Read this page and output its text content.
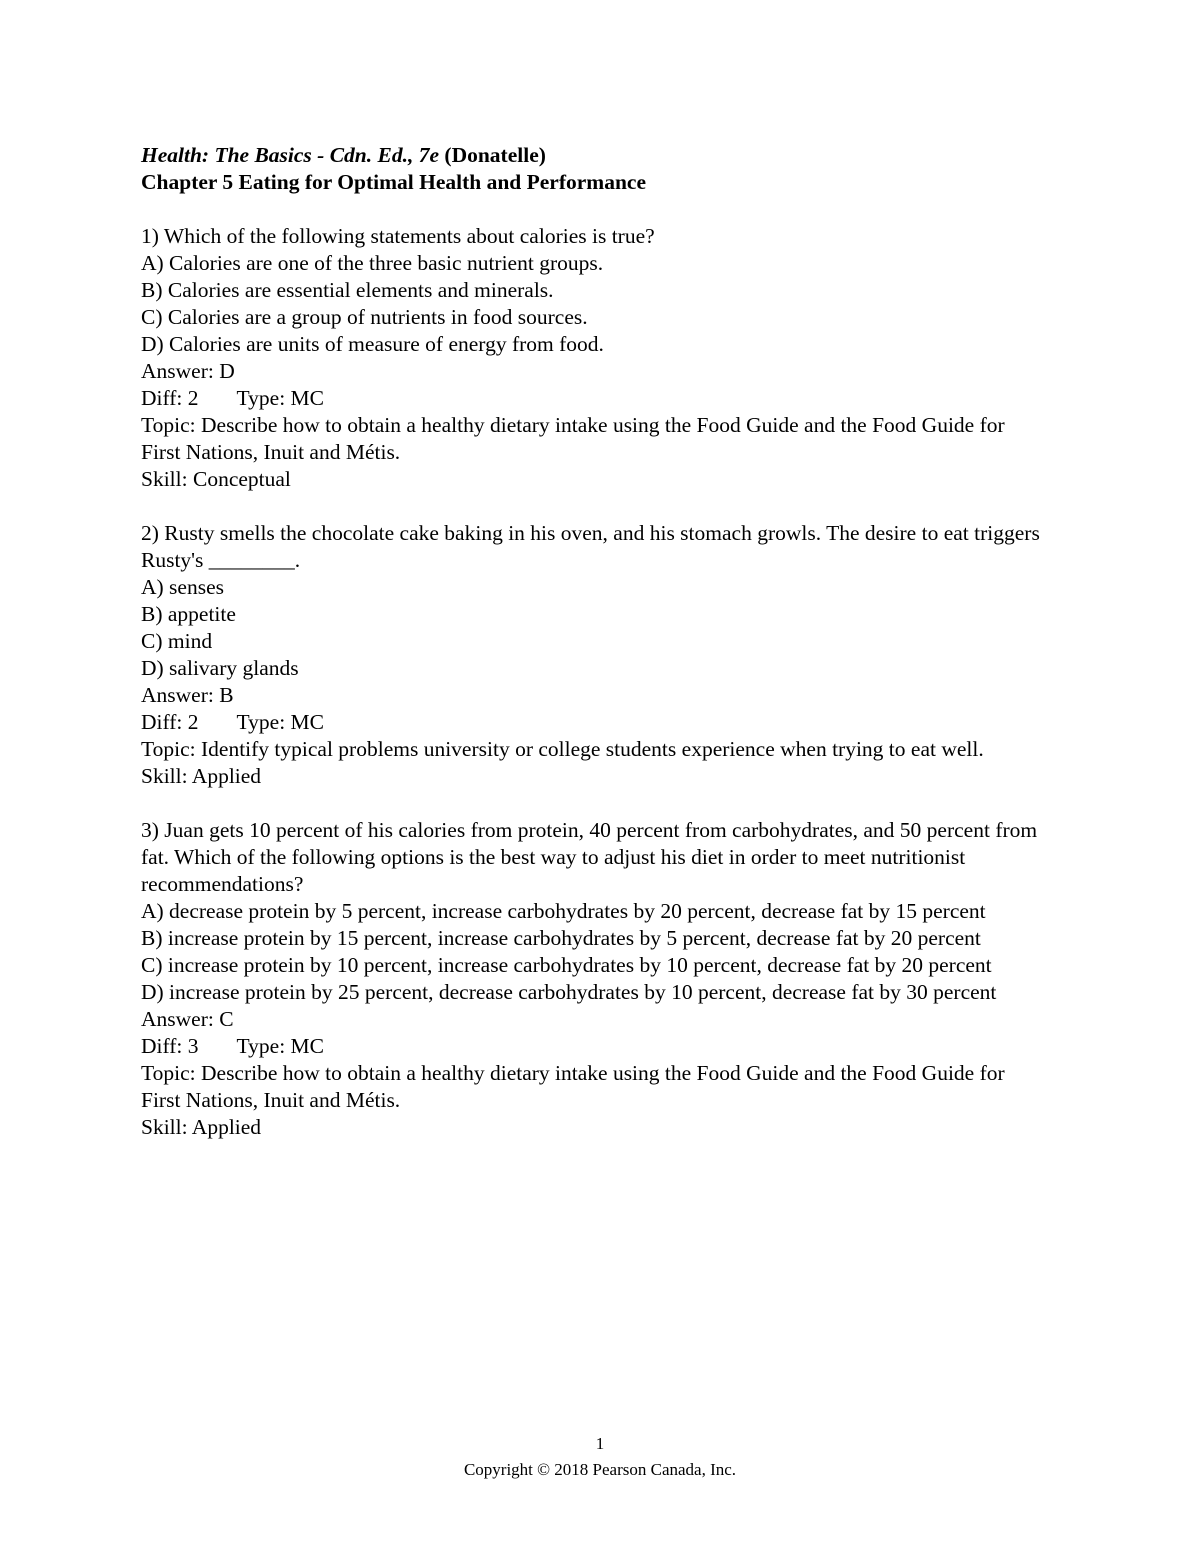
Health: The Basics - Cdn. Ed., 7e (Donatelle)
Chapter 5 Eating for Optimal Health and Performance
1) Which of the following statements about calories is true?
A) Calories are one of the three basic nutrient groups.
B) Calories are essential elements and minerals.
C) Calories are a group of nutrients in food sources.
D) Calories are units of measure of energy from food.
Answer: D
Diff: 2 Type: MC
Topic: Describe how to obtain a healthy dietary intake using the Food Guide and the Food Guide for First Nations, Inuit and Métis.
Skill: Conceptual
2) Rusty smells the chocolate cake baking in his oven, and his stomach growls. The desire to eat triggers Rusty's ________.
A) senses
B) appetite
C) mind
D) salivary glands
Answer: B
Diff: 2 Type: MC
Topic: Identify typical problems university or college students experience when trying to eat well.
Skill: Applied
3) Juan gets 10 percent of his calories from protein, 40 percent from carbohydrates, and 50 percent from fat. Which of the following options is the best way to adjust his diet in order to meet nutritionist recommendations?
A) decrease protein by 5 percent, increase carbohydrates by 20 percent, decrease fat by 15 percent
B) increase protein by 15 percent, increase carbohydrates by 5 percent, decrease fat by 20 percent
C) increase protein by 10 percent, increase carbohydrates by 10 percent, decrease fat by 20 percent
D) increase protein by 25 percent, decrease carbohydrates by 10 percent, decrease fat by 30 percent
Answer: C
Diff: 3 Type: MC
Topic: Describe how to obtain a healthy dietary intake using the Food Guide and the Food Guide for First Nations, Inuit and Métis.
Skill: Applied
1
Copyright © 2018 Pearson Canada, Inc.
